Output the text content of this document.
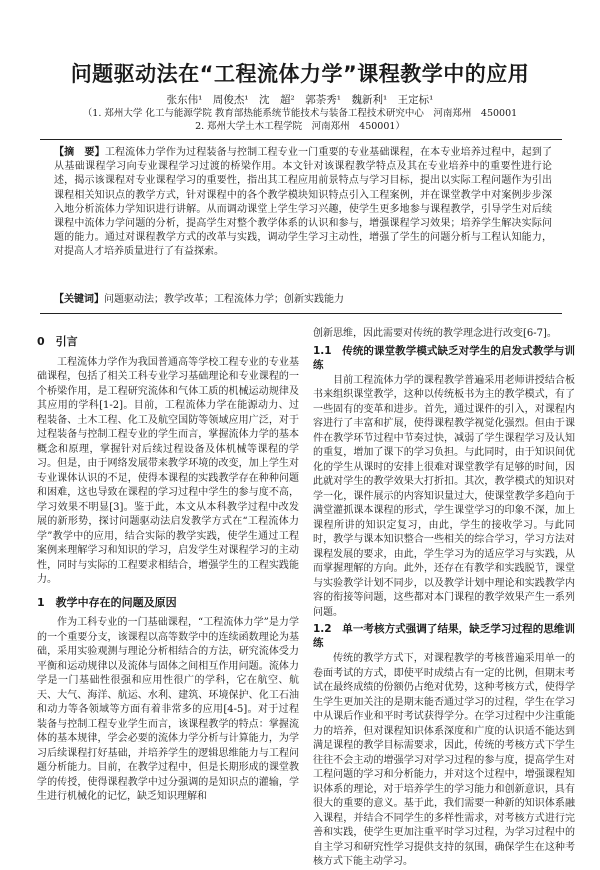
问题驱动法在“工程流体力学”课程教学中的应用
张东伟¹　周俊杰¹　沈　超²　郭荼秀¹　魏新利¹　王定标¹
（1. 郑州大学 化工与能源学院 教育部热能系统节能技术与装备工程技术研究中心　河南郑州　450001
2. 郑州大学土木工程学院　河南郑州　450001）
【摘　要】工程流体力学作为过程装备与控制工程专业一门重要的专业基础课程，在本专业培养过程中，起到了从基础课程学习向专业课程学习过渡的桥梁作用。本文针对该课程教学特点及其在专业培养中的重要性进行论述，揭示该课程对专业课程学习的重要性，指出其工程应用前景特点与学习目标，提出以实际工程问题作为引出课程相关知识点的教学方式，针对课程中的各个教学模块知识特点引入工程案例，并在课堂教学中对案例步步深入地分析流体力学知识进行讲解。从而调动课堂上学生学习兴趣，使学生更多地参与课程教学，引导学生对后续课程中流体力学问题的分析，提高学生对整个教学体系的认识和参与，增强课程学习效果；培养学生解决实际问题的能力。通过对课程教学方式的改革与实践，调动学生学习主动性，增强了学生的问题分析与工程认知能力，对提高人才培养质量进行了有益探索。
【关键词】问题驱动法；教学改革；工程流体力学；创新实践能力
0　引言

工程流体力学作为我国普通高等学校工程专业的专业基础课程，包括了相关工科专业学习基础理论和专业课程的一个桥梁作用，是工程研究流体和气体工质的机械运动规律及其应用的学科[1-2]。目前，工程流体力学在能源动力、过程装备、土木工程、化工及航空国防等领域应用广泛，对于过程装备与控制工程专业的学生而言，掌握流体力学的基本概念和原理，掌握针对后续过程设备及体机械等课程的学习。但是，由于网络发展带来教学环境的改变，加上学生对专业课体认识的不足，使得本课程的实践教学存在种种问题和困难，这也导致在课程的学习过程中学生的参与度不高，学习效果不明显[3]。鉴于此，本文从本科教学过程中改发展的新形势，探讨问题驱动法启发教学方式在“工程流体力学”教学中的应用，结合实际的教学实践，使学生通过工程案例来理解学习和知识的学习，启发学生对课程学习的主动性，同时与实际的工程要求相结合，增强学生的工程实践能力。

1　教学中存在的问题及原因

作为工科专业的一门基础课程，“工程流体力学”是力学的一个重要分支，该课程以高等数学中的连续函数理论为基础，采用实验观测与理论分析相结合的方法，研究流体受力平衡和运动规律以及流体与固体之间相互作用问题。流体力学是一门基础性很强和应用性很广的学科，它在航空、航天、大气、海洋、航运、水利、建筑、环境保护、化工石油和动力等各领域等方面有着非常多的应用[4-5]。对于过程装备与控制工程专业学生而言，该课程教学的特点：掌握流体的基本规律，学会必要的流体力学分析与计算能力，为学习后续课程打好基础，并培养学生的逻辑思维能力与工程问题分析能力。目前，在教学过程中，但是长期形成的课堂教学的传授，使得课程教学中过分强调的是知识点的灌输，学生进行机械化的记忆，缺乏知识理解和

创新思维，因此需要对传统的教学理念进行改变[6-7]。

1.1　传统的课堂教学模式缺乏对学生的启发式教学与训练

目前工程流体力学的课程教学普遍采用老师讲授结合板书来组织课堂教学，这种以传统板书为主的教学模式，有了一些固有的变革和进步。首先，通过课件的引入，对课程内容进行了丰富和扩展，使得课程教学视觉化强烈。但由于课件在教学环节过程中节奏过快，减弱了学生课程学习及认知的重复，增加了课下的学习负担。与此同时，由于知识间优化的学生从课时的安排上很难对课堂教学有足够的时间，因此就对学生的教学效果大打折扣。其次，教学模式的知识对学一化，课件展示的内容知识量过大，使课堂教学多趋向于满堂灌抓课本课程的形式，学生课堂学习的印象不深，加上课程所讲的知识定复习，由此，学生的接收学习。与此同时，教学与课本知识整合一些相关的综合学习，学习方法对课程发展的要求，由此，学生学习为的适应学习与实践，从而掌握理解的方向。此外，还存在有教学和实践脱节，课堂与实验教学计划不同步，以及教学计划中理论和实践教学内容的衔接等问题，这些都对本门课程的教学效果产生一系列问题。

1.2　单一考核方式强调了结果，缺乏学习过程的思维训练

传统的教学方式下，对课程教学的考核普遍采用单一的卷面考试的方式，即使平时成绩占有一定的比例，但期末考试在最终成绩的份额仍占绝对优势，这种考核方式，使得学生学生更加关注的是期末能否通过学习的过程，学生在学习中从课后作业和平时考试获得学分。在学习过程中少注重能力的培养，但对课程知识体系深度和广度的认识适不能达到满足课程的教学目标需要求，因此，传统的考核方式下学生往往不会主动的增强学习对学习过程的参与度，提高学生对工程问题的学习和分析能力，并对这个过程中，增强课程知识体系的理论，对于培养学生的学习能力和创新意识，具有很大的重要的意义。基于此，我们需要一种新的知识体系融入课程，并结合不同学生的多样性需求，对考核方式进行完善和实践，使学生更加注重平时学习过程，为学习过程中的自主学习和研究性学习提供支持的氛围，确保学生在这种考核方式下能主动学习。
